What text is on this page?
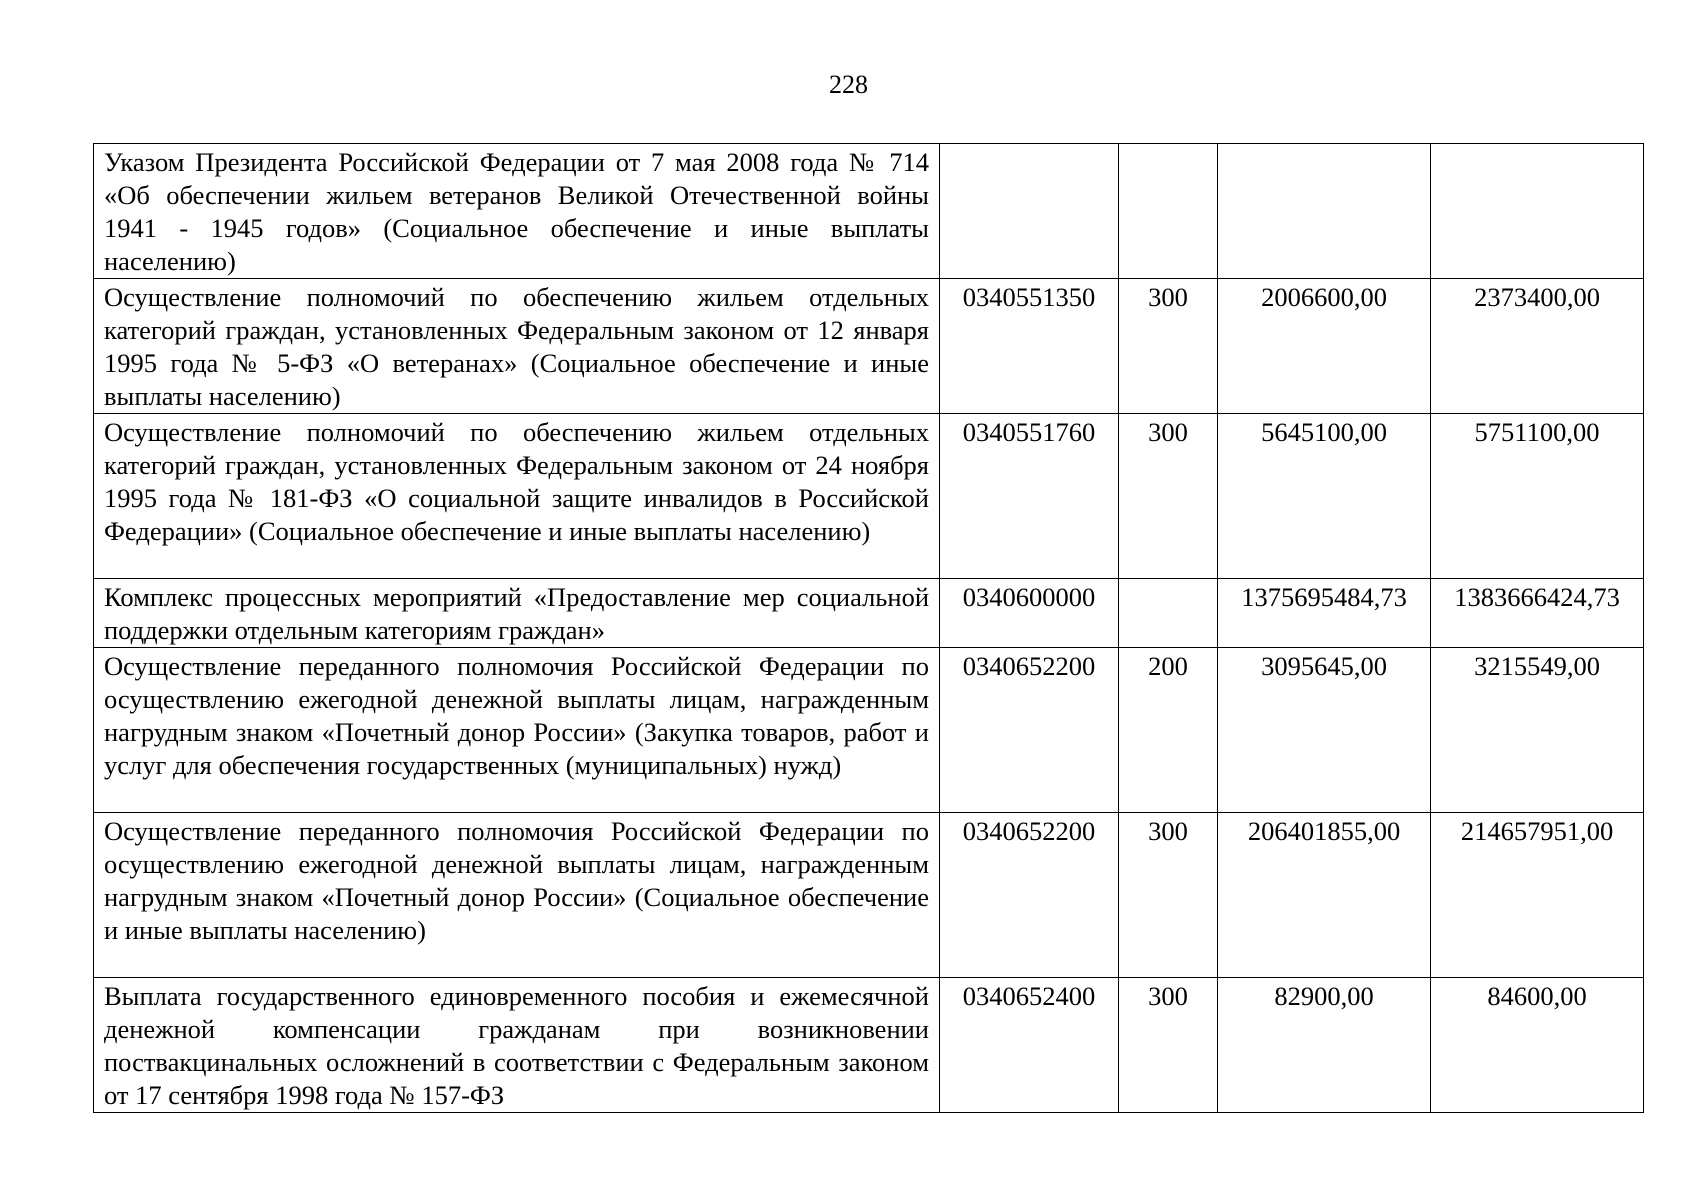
228
Указом Президента Российской Федерации от 7 мая 2008 года № 714 «Об обеспечении жильем ветеранов Великой Отечественной войны 1941 - 1945 годов» (Социальное обеспечение и иные выплаты населению)				
Осуществление полномочий по обеспечению жильем отдельных категорий граждан, установленных Федеральным законом от 12 января 1995 года № 5-ФЗ «О ветеранах» (Социальное обеспечение и иные выплаты населению)	0340551350	300	2006600,00	2373400,00
Осуществление полномочий по обеспечению жильем отдельных категорий граждан, установленных Федеральным законом от 24 ноября 1995 года № 181-ФЗ «О социальной защите инвалидов в Российской Федерации» (Социальное обеспечение и иные выплаты населению)	0340551760	300	5645100,00	5751100,00
Комплекс процессных мероприятий «Предоставление мер социальной поддержки отдельным категориям граждан»	0340600000		1375695484,73	1383666424,73
Осуществление переданного полномочия Российской Федерации по осуществлению ежегодной денежной выплаты лицам, награжденным нагрудным знаком «Почетный донор России» (Закупка товаров, работ и услуг для обеспечения государственных (муниципальных) нужд)	0340652200	200	3095645,00	3215549,00
Осуществление переданного полномочия Российской Федерации по осуществлению ежегодной денежной выплаты лицам, награжденным нагрудным знаком «Почетный донор России» (Социальное обеспечение и иные выплаты населению)	0340652200	300	206401855,00	214657951,00
Выплата государственного единовременного пособия и ежемесячной денежной компенсации гражданам при возникновении поствакцинальных осложнений в соответствии с Федеральным законом от 17 сентября 1998 года № 157-ФЗ	0340652400	300	82900,00	84600,00
